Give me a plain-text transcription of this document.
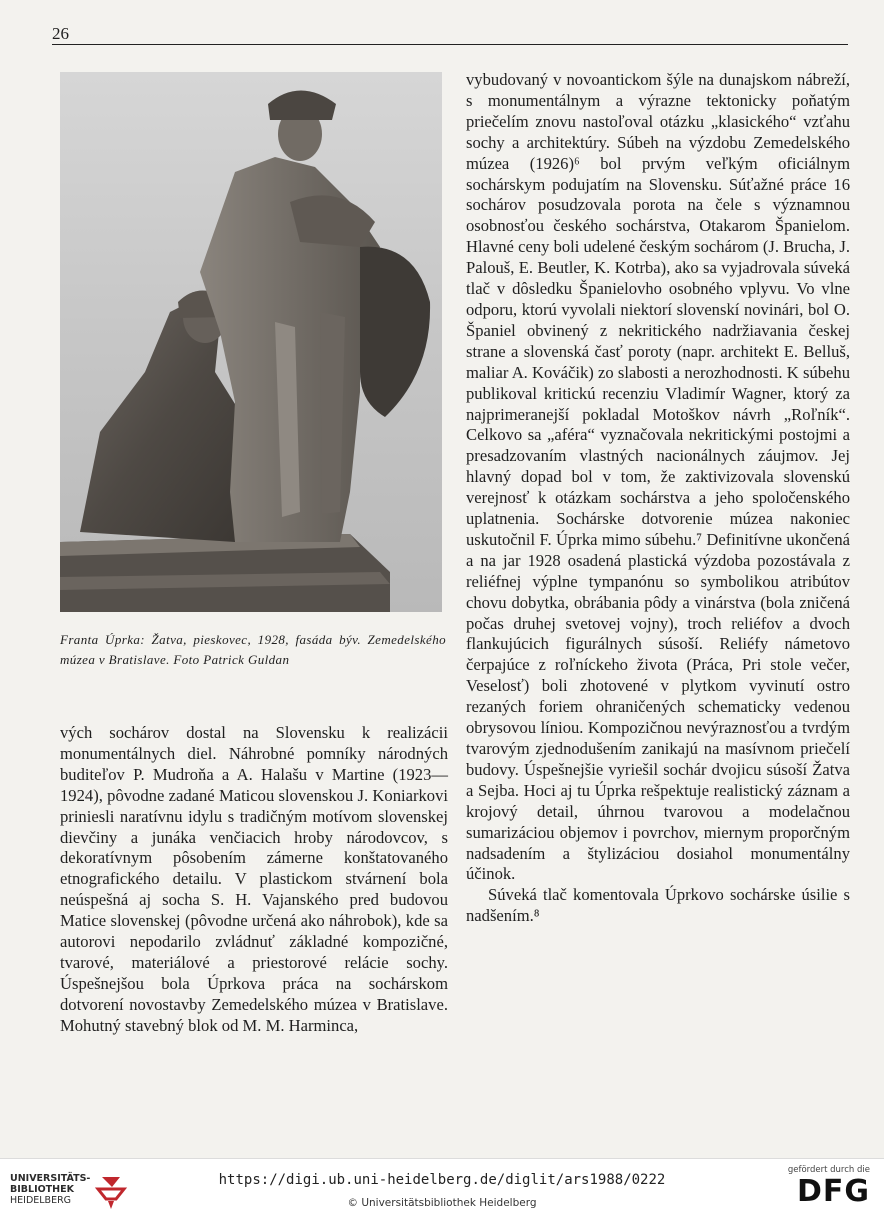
26
Franta Úprka: Žatva, pieskovec, 1928, fasáda býv. Zemedelského múzea v Bratislave. Foto Patrick Guldan

vých sochárov dostal na Slovensku k realizácii monumentálnych diel. Náhrobné pomníky národných buditeľov P. Mudroňa a A. Halašu v Martine (1923—1924), pôvodne zadané Maticou slovenskou J. Koniarkovi priniesli naratívnu idylu s tradičným motívom slovenskej dievčiny a junáka venčiacich hroby národovcov, s dekoratívnym pôsobením zámerne konštatovaného etnografického detailu. V plastickom stvárnení bola neúspešná aj socha S. H. Vajanského pred budovou Matice slovenskej (pôvodne určená ako náhrobok), kde sa autorovi nepodarilo zvládnuť základné kompozičné, tvarové, materiálové a priestorové relácie sochy. Úspešnejšou bola Úprkova práca na sochárskom dotvorení novostavby Zemedelského múzea v Bratislave. Mohutný stavebný blok od M. M. Harminca,

vybudovaný v novoantickom šýle na dunajskom nábreží, s monumentálnym a výrazne tektonicky poňatým priečelím znovu nastoľoval otázku „klasického“ vzťahu sochy a architektúry. Súbeh na výzdobu Zemedelského múzea (1926)⁶ bol prvým veľkým oficiálnym sochárskym podujatím na Slovensku. Súťažné práce 16 sochárov posudzovala porota na čele s významnou osobnosťou českého sochárstva, Otakarom Španielom. Hlavné ceny boli udelené českým sochárom (J. Brucha, J. Palouš, E. Beutler, K. Kotrba), ako sa vyjadrovala súveká tlač v dôsledku Španielovho osobného vplyvu. Vo vlne odporu, ktorú vyvolali niektorí slovenskí novinári, bol O. Španiel obvinený z nekritického nadržiavania českej strane a slovenská časť poroty (napr. architekt E. Belluš, maliar A. Kováčik) zo slabosti a nerozhodnosti. K súbehu publikoval kritickú recenziu Vladimír Wagner, ktorý za najprimeranejší pokladal Motoškov návrh „Roľník“. Celkovo sa „aféra“ vyznačovala nekritickými postojmi a presadzovaním vlastných nacionálnych záujmov. Jej hlavný dopad bol v tom, že zaktivizovala slovenskú verejnosť k otázkam sochárstva a jeho spoločenského uplatnenia. Sochárske dotvorenie múzea nakoniec uskutočnil F. Úprka mimo súbehu.⁷ Definitívne ukončená a na jar 1928 osadená plastická výzdoba pozostávala z reliéfnej výplne tympanónu so symbolikou atribútov chovu dobytka, obrábania pôdy a vinárstva (bola zničená počas druhej svetovej vojny), troch reliéfov a dvoch flankujúcich figurálnych súsoší. Reliéfy námetovo čerpajúce z roľníckeho života (Práca, Pri stole večer, Veselosť) boli zhotovené v plytkom vyvinutí ostro rezaných foriem ohraničených schematicky vedenou obrysovou líniou. Kompozičnou nevýraznosťou a tvrdým tvarovým zjednodušením zanikajú na masívnom priečelí budovy. Úspešnejšie vyriešil sochár dvojicu súsoší Žatva a Sejba. Hoci aj tu Úprka rešpektuje realistický záznam a krojový detail, úhrnou tvarovou a modelačnou sumarizáciou objemov i povrchov, miernym proporčným nadsadením a štylizáciou dosiahol monumentálny účinok.

Súveká tlač komentovala Úprkovo sochárske úsilie s nadšením.⁸

UNIVERSITÄTS-
BIBLIOTHEK
HEIDELBERG
https://digi.ub.uni-heidelberg.de/diglit/ars1988/0222
© Universitätsbibliothek Heidelberg
gefördert durch die
DFG
